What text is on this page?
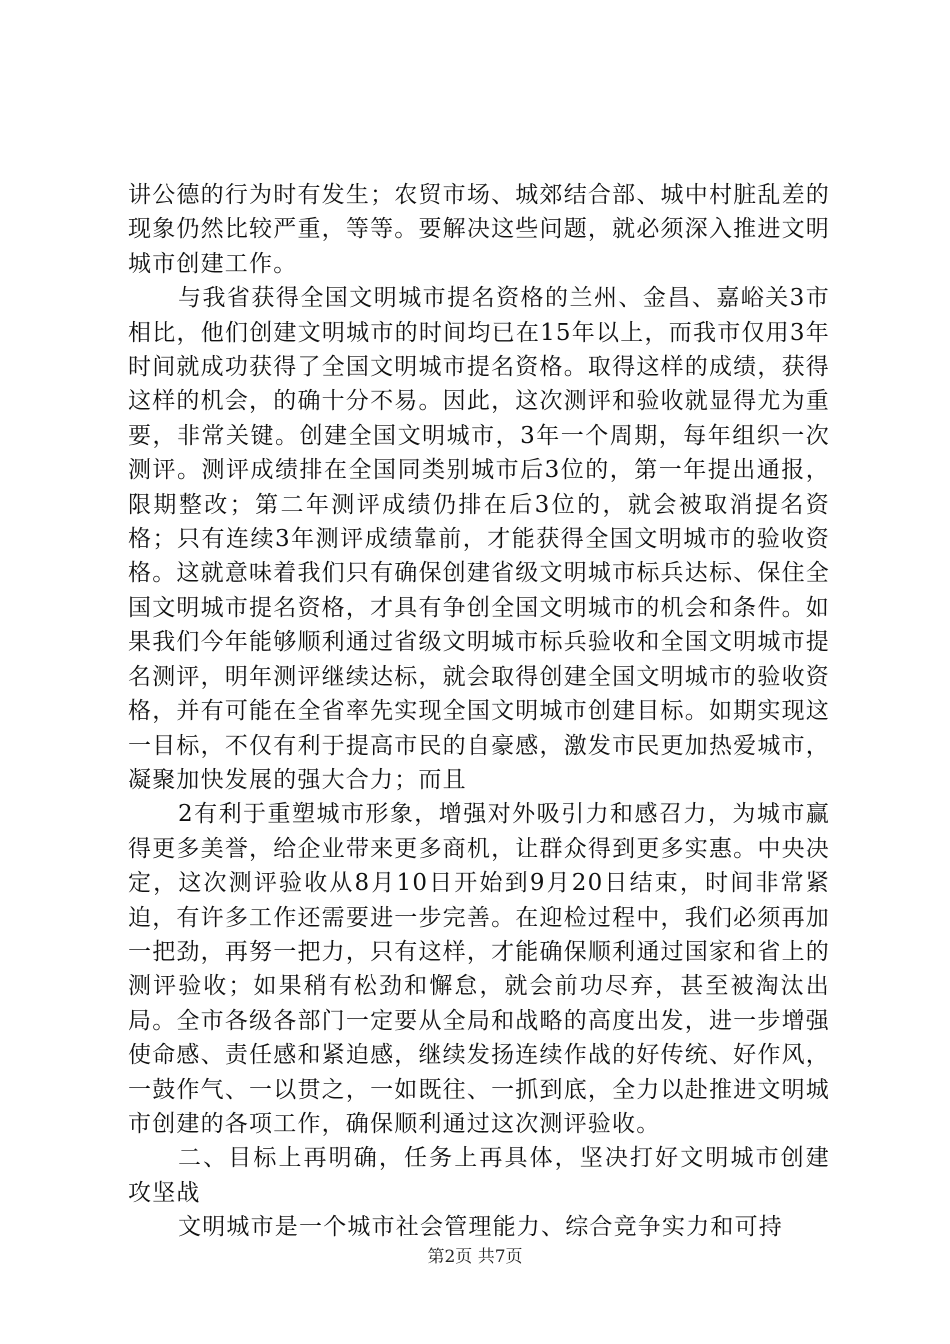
讲公德的行为时有发生；农贸市场、城郊结合部、城中村脏乱差的现象仍然比较严重，等等。要解决这些问题，就必须深入推进文明城市创建工作。

与我省获得全国文明城市提名资格的兰州、金昌、嘉峪关3市相比，他们创建文明城市的时间均已在15年以上，而我市仅用3年时间就成功获得了全国文明城市提名资格。取得这样的成绩，获得这样的机会，的确十分不易。因此，这次测评和验收就显得尤为重要，非常关键。创建全国文明城市，3年一个周期，每年组织一次测评。测评成绩排在全国同类别城市后3位的，第一年提出通报，限期整改；第二年测评成绩仍排在后3位的，就会被取消提名资格；只有连续3年测评成绩靠前，才能获得全国文明城市的验收资格。这就意味着我们只有确保创建省级文明城市标兵达标、保住全国文明城市提名资格，才具有争创全国文明城市的机会和条件。如果我们今年能够顺利通过省级文明城市标兵验收和全国文明城市提名测评，明年测评继续达标，就会取得创建全国文明城市的验收资格，并有可能在全省率先实现全国文明城市创建目标。如期实现这一目标，不仅有利于提高市民的自豪感，激发市民更加热爱城市，凝聚加快发展的强大合力；而且

2有利于重塑城市形象，增强对外吸引力和感召力，为城市赢得更多美誉，给企业带来更多商机，让群众得到更多实惠。中央决定，这次测评验收从8月10日开始到9月20日结束，时间非常紧迫，有许多工作还需要进一步完善。在迎检过程中，我们必须再加一把劲，再努一把力，只有这样，才能确保顺利通过国家和省上的测评验收；如果稍有松劲和懈怠，就会前功尽弃，甚至被淘汰出局。全市各级各部门一定要从全局和战略的高度出发，进一步增强使命感、责任感和紧迫感，继续发扬连续作战的好传统、好作风，一鼓作气、一以贯之，一如既往、一抓到底，全力以赴推进文明城市创建的各项工作，确保顺利通过这次测评验收。

二、目标上再明确，任务上再具体，坚决打好文明城市创建攻坚战

文明城市是一个城市社会管理能力、综合竞争实力和可持

第2页 共7页
